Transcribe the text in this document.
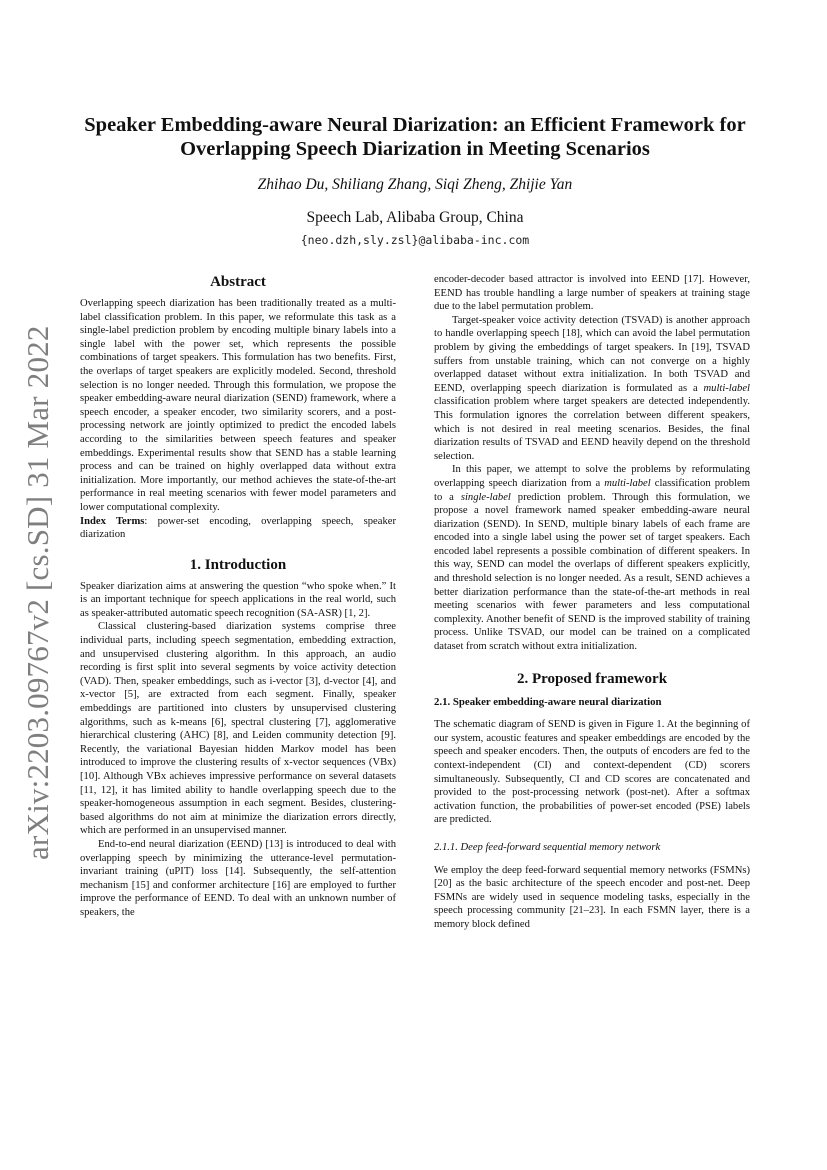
arXiv:2203.09767v2 [cs.SD] 31 Mar 2022
Speaker Embedding-aware Neural Diarization: an Efficient Framework for Overlapping Speech Diarization in Meeting Scenarios
Zhihao Du, Shiliang Zhang, Siqi Zheng, Zhijie Yan
Speech Lab, Alibaba Group, China
{neo.dzh,sly.zsl}@alibaba-inc.com
Abstract

Overlapping speech diarization has been traditionally treated as a multi-label classification problem. In this paper, we reformulate this task as a single-label prediction problem by encoding multiple binary labels into a single label with the power set, which represents the possible combinations of target speakers. This formulation has two benefits. First, the overlaps of target speakers are explicitly modeled. Second, threshold selection is no longer needed. Through this formulation, we propose the speaker embedding-aware neural diarization (SEND) framework, where a speech encoder, a speaker encoder, two similarity scorers, and a post-processing network are jointly optimized to predict the encoded labels according to the similarities between speech features and speaker embeddings. Experimental results show that SEND has a stable learning process and can be trained on highly overlapped data without extra initialization. More importantly, our method achieves the state-of-the-art performance in real meeting scenarios with fewer model parameters and lower computational complexity.

Index Terms: power-set encoding, overlapping speech, speaker diarization

1. Introduction

Speaker diarization aims at answering the question “who spoke when.” It is an important technique for speech applications in the real world, such as speaker-attributed automatic speech recognition (SA-ASR) [1, 2].

Classical clustering-based diarization systems comprise three individual parts, including speech segmentation, embedding extraction, and unsupervised clustering algorithm. In this approach, an audio recording is first split into several segments by voice activity detection (VAD). Then, speaker embeddings, such as i-vector [3], d-vector [4], and x-vector [5], are extracted from each segment. Finally, speaker embeddings are partitioned into clusters by unsupervised clustering algorithms, such as k-means [6], spectral clustering [7], agglomerative hierarchical clustering (AHC) [8], and Leiden community detection [9]. Recently, the variational Bayesian hidden Markov model has been introduced to improve the clustering results of x-vector sequences (VBx) [10]. Although VBx achieves impressive performance on several datasets [11, 12], it has limited ability to handle overlapping speech due to the speaker-homogeneous assumption in each segment. Besides, clustering-based algorithms do not aim at minimize the diarization errors directly, which are performed in an unsupervised manner.

End-to-end neural diarization (EEND) [13] is introduced to deal with overlapping speech by minimizing the utterance-level permutation-invariant training (uPIT) loss [14]. Subsequently, the self-attention mechanism [15] and conformer architecture [16] are employed to further improve the performance of EEND. To deal with an unknown number of speakers, the

encoder-decoder based attractor is involved into EEND [17]. However, EEND has trouble handling a large number of speakers at training stage due to the label permutation problem.

Target-speaker voice activity detection (TSVAD) is another approach to handle overlapping speech [18], which can avoid the label permutation problem by giving the embeddings of target speakers. In [19], TSVAD suffers from unstable training, which can not converge on a highly overlapped dataset without extra initialization. In both TSVAD and EEND, overlapping speech diarization is formulated as a multi-label classification problem where target speakers are detected independently. This formulation ignores the correlation between different speakers, which is not desired in real meeting scenarios. Besides, the final diarization results of TSVAD and EEND heavily depend on the threshold selection.

In this paper, we attempt to solve the problems by reformulating overlapping speech diarization from a multi-label classification problem to a single-label prediction problem. Through this formulation, we propose a novel framework named speaker embedding-aware neural diarization (SEND). In SEND, multiple binary labels of each frame are encoded into a single label using the power set of target speakers. Each encoded label represents a possible combination of different speakers. In this way, SEND can model the overlaps of different speakers explicitly, and threshold selection is no longer needed. As a result, SEND achieves a better diarization performance than the state-of-the-art methods in real meeting scenarios with fewer parameters and less computational complexity. Another benefit of SEND is the improved stability of training process. Unlike TSVAD, our model can be trained on a complicated dataset from scratch without extra initialization.

2. Proposed framework
2.1. Speaker embedding-aware neural diarization

The schematic diagram of SEND is given in Figure 1. At the beginning of our system, acoustic features and speaker embeddings are encoded by the speech and speaker encoders. Then, the outputs of encoders are fed to the context-independent (CI) and context-dependent (CD) scorers simultaneously. Subsequently, CI and CD scores are concatenated and provided to the post-processing network (post-net). After a softmax activation function, the probabilities of power-set encoded (PSE) labels are predicted.

2.1.1. Deep feed-forward sequential memory network

We employ the deep feed-forward sequential memory networks (FSMNs) [20] as the basic architecture of the speech encoder and post-net. Deep FSMNs are widely used in sequence modeling tasks, especially in the speech processing community [21–23]. In each FSMN layer, there is a memory block defined
